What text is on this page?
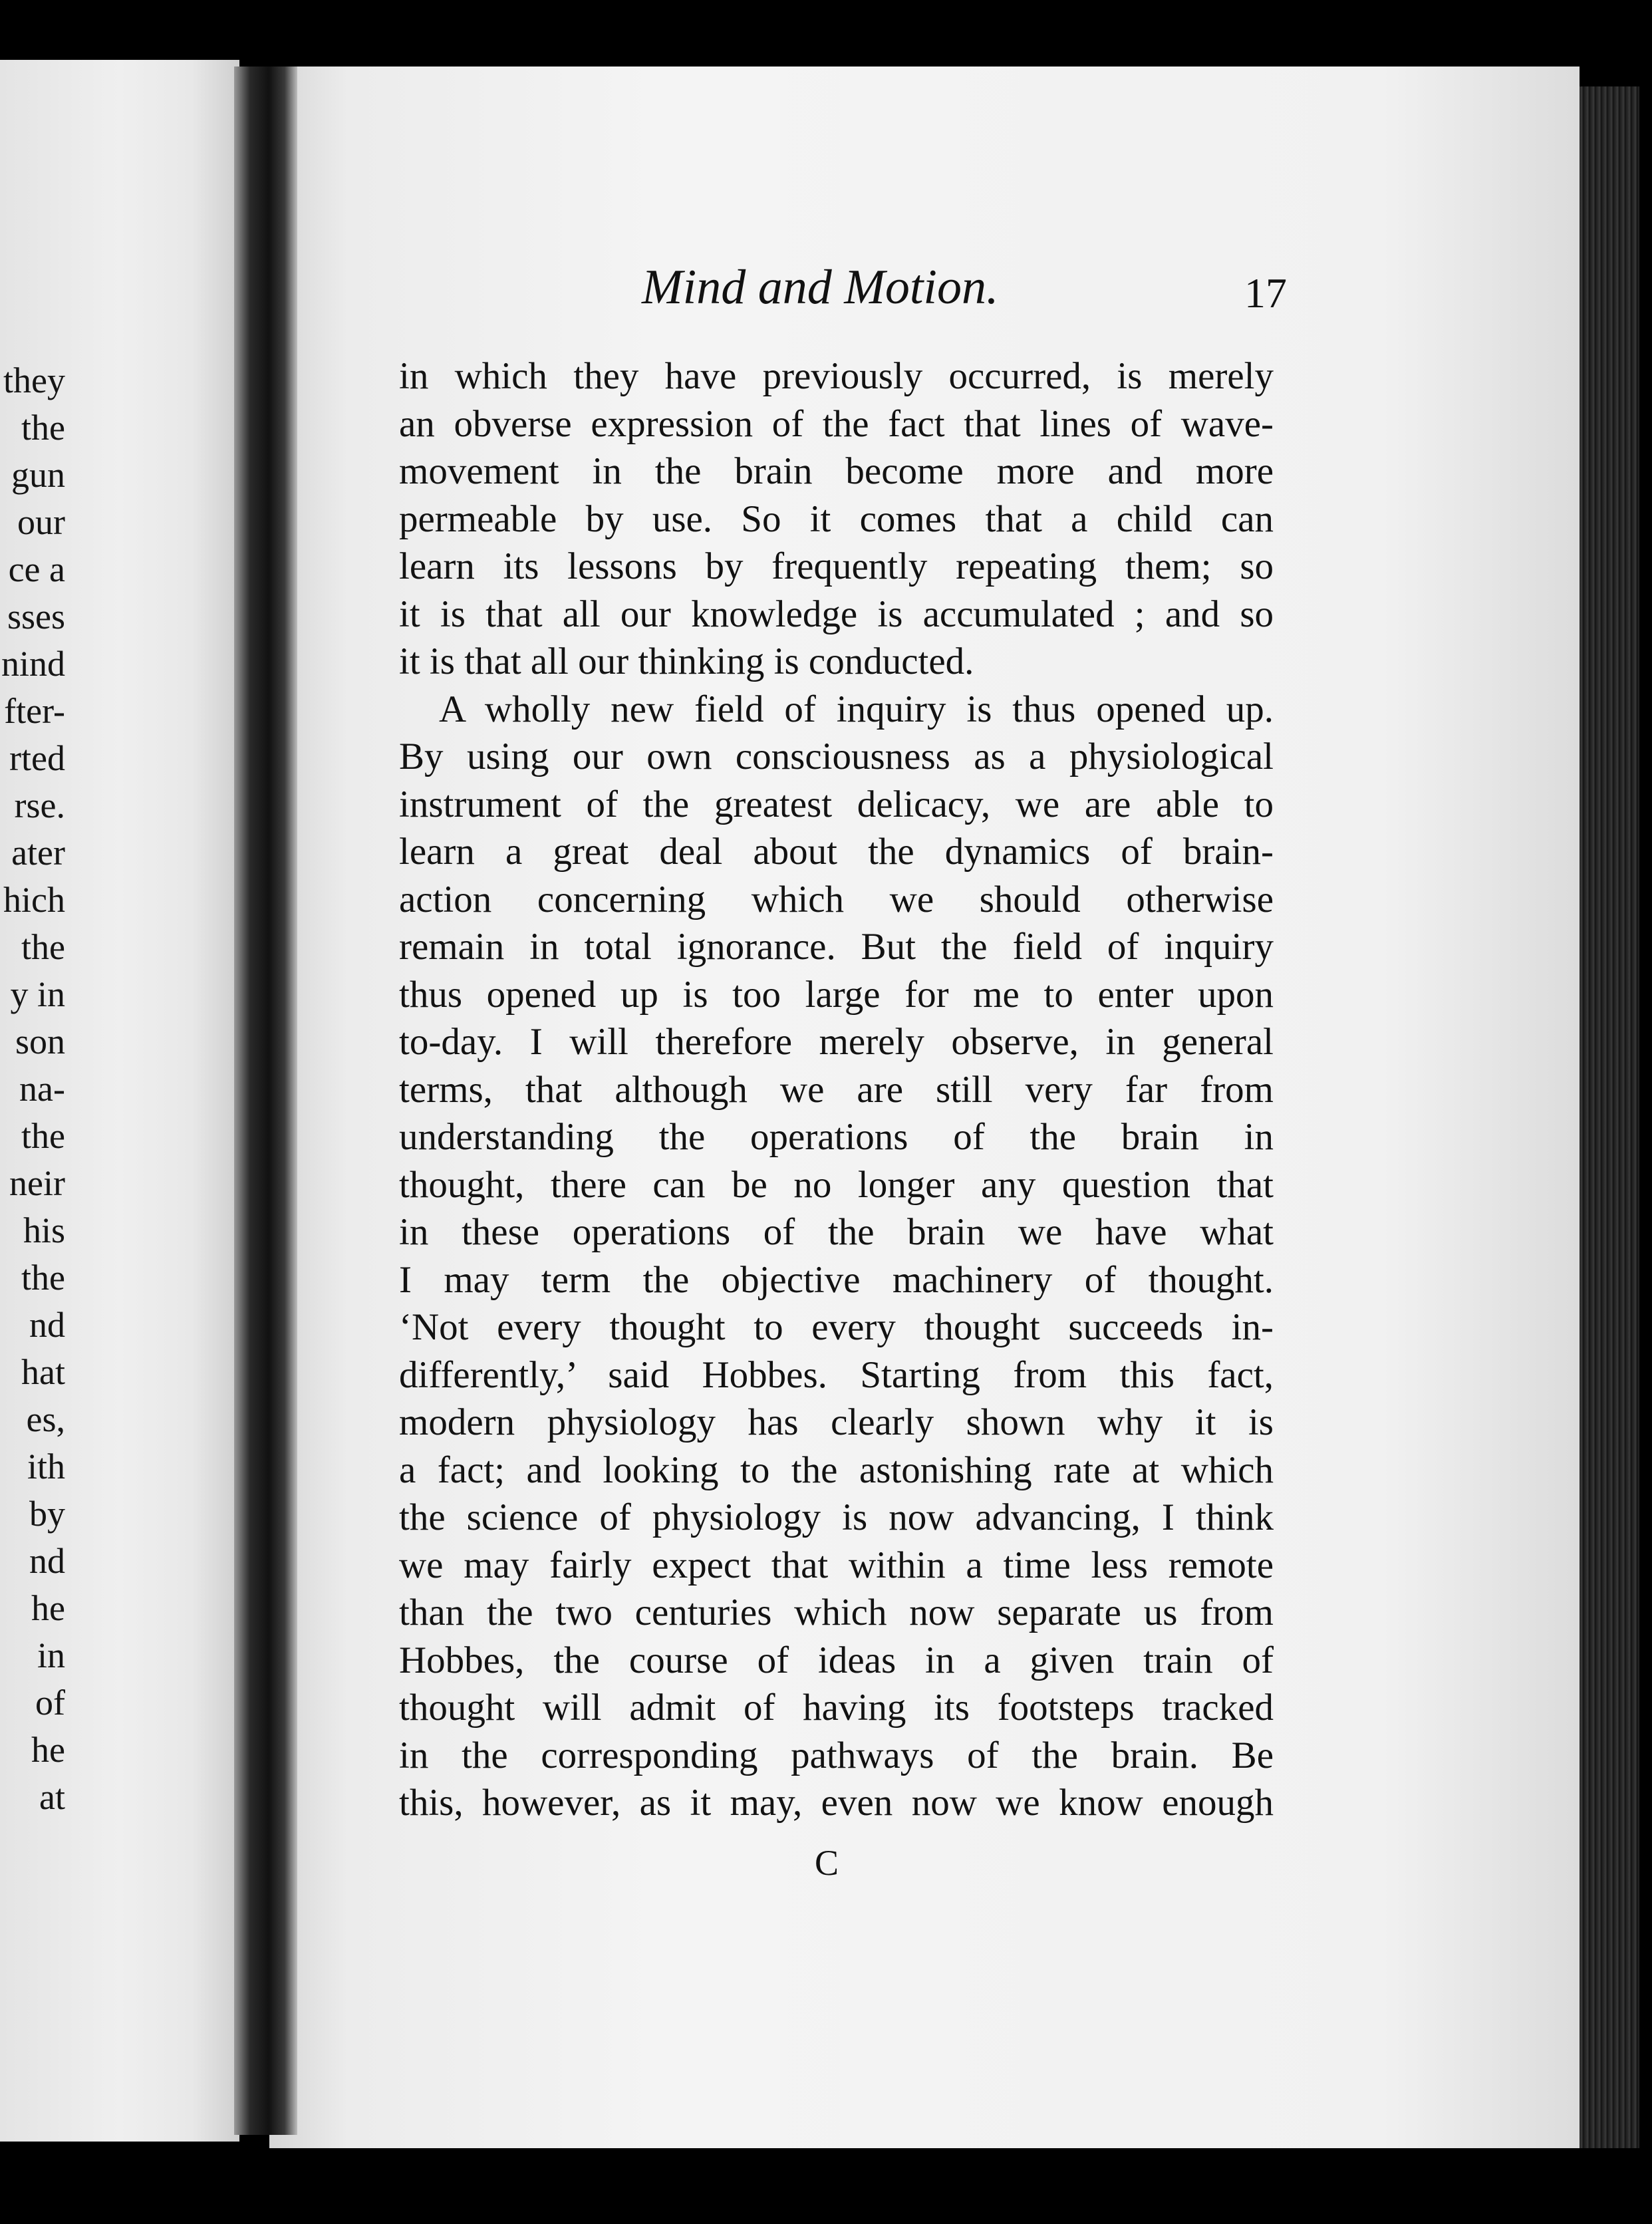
they
the
gun
our
ce a
sses
nind
fter-
rted
rse.
ater
hich
the
y in
son
na-
the
neir
his
the
nd
hat
es,
ith
by
nd
he
in
of
he
at
Mind and Motion.	17
in which they have previously occurred, is merely
an obverse expression of the fact that lines of wave-
movement in the brain become more and more
permeable by use. So it comes that a child can
learn its lessons by frequently repeating them; so
it is that all our knowledge is accumulated ; and so
it is that all our thinking is conducted.
A wholly new field of inquiry is thus opened up.
By using our own consciousness as a physiological
instrument of the greatest delicacy, we are able to
learn a great deal about the dynamics of brain-
action concerning which we should otherwise
remain in total ignorance. But the field of inquiry
thus opened up is too large for me to enter upon
to-day. I will therefore merely observe, in general
terms, that although we are still very far from
understanding the operations of the brain in
thought, there can be no longer any question that
in these operations of the brain we have what
I may term the objective machinery of thought.
‘Not every thought to every thought succeeds in-
differently,’ said Hobbes. Starting from this fact,
modern physiology has clearly shown why it is
a fact; and looking to the astonishing rate at which
the science of physiology is now advancing, I think
we may fairly expect that within a time less remote
than the two centuries which now separate us from
Hobbes, the course of ideas in a given train of
thought will admit of having its footsteps tracked
in the corresponding pathways of the brain. Be
this, however, as it may, even now we know enough
C
